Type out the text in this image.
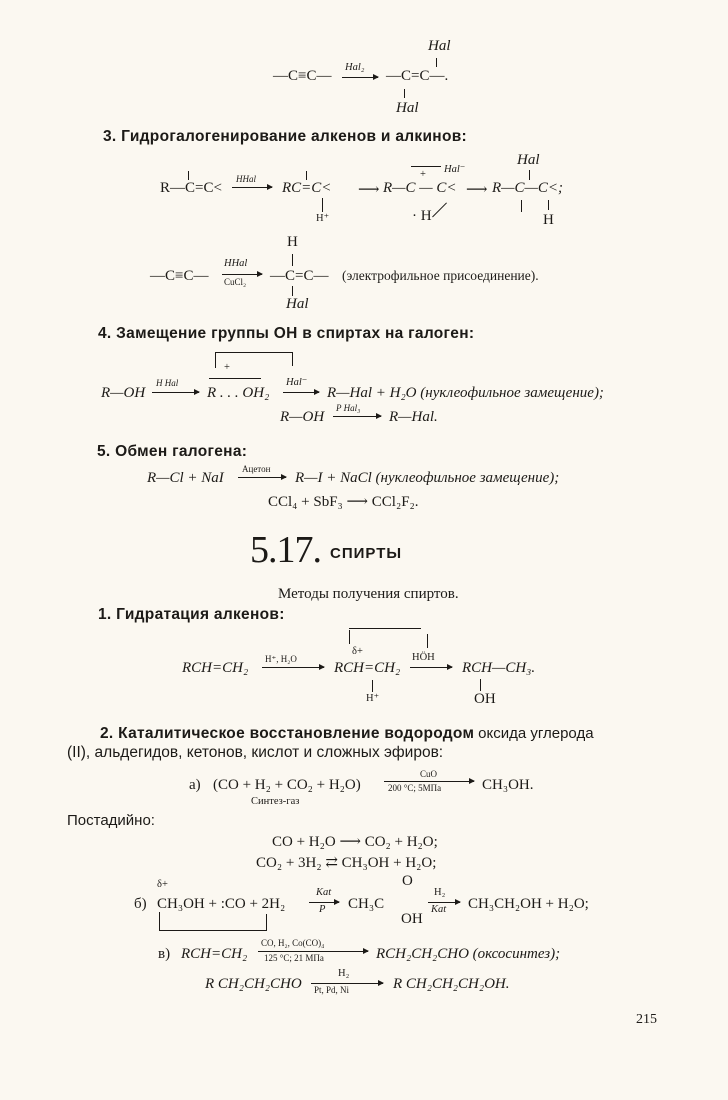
Hal
—C≡C—
Hal₂
—C=C—.
Hal
3. Гидрогалогенирование алкенов и алкинов:
Hal
Hal⁻
R—C=C<
HHal
RC=C<
H⁺
⟶ R—C — C<
+
· H
⟶ R—C—C<;
H
H
—C≡C—
HHal
CuCl₂ —C=C— (электрофильное присоединение).
Hal
4. Замещение группы ОН в спиртах на галоген:
+
R—OH
H Hal
R . . . OH₂
Hal⁻
R—Hal + H₂O (нуклеофильное замещение);
R—OH
P Hal₃
R—Hal.
5. Обмен галогена:
R—Cl + NaI
Ацетон
R—I + NaCl (нуклеофильное замещение);
CCl₄ + SbF₃ ⟶ CCl₂F₂.
5.17. СПИРТЫ
Методы получения спиртов.
1. Гидратация алкенов:
δ+
RCH=CH₂
H⁺, H₂O
RCH=CH₂
HÖH
H⁺
RCH—CH₃.
OH
2. Каталитическое восстановление водородом оксида углерода
(II), альдегидов, кетонов, кислот и сложных эфиров:
а) (CO + H₂ + CO₂ + H₂O)
CuO
200 °C; 5МПа	CH₃OH.
Синтез-газ
Постадийно:
CO + H₂O ⟶ CO₂ + H₂O;
CO₂ + 3H₂ ⇄ CH₃OH + H₂O;
δ+	O
б) CH₃OH + :CO + 2H₂
Kat
P CH₃C
H₂
Kat CH₃CH₂OH + H₂O;
OH
в) RCH=CH₂
CO, H₂, Co(CO)₄
125 °C; 21 МПа	RCH₂CH₂CHO (оксосинтез);
R CH₂CH₂CHO
H₂
Pt, Pd, Ni	R CH₂CH₂CH₂OH.
215
